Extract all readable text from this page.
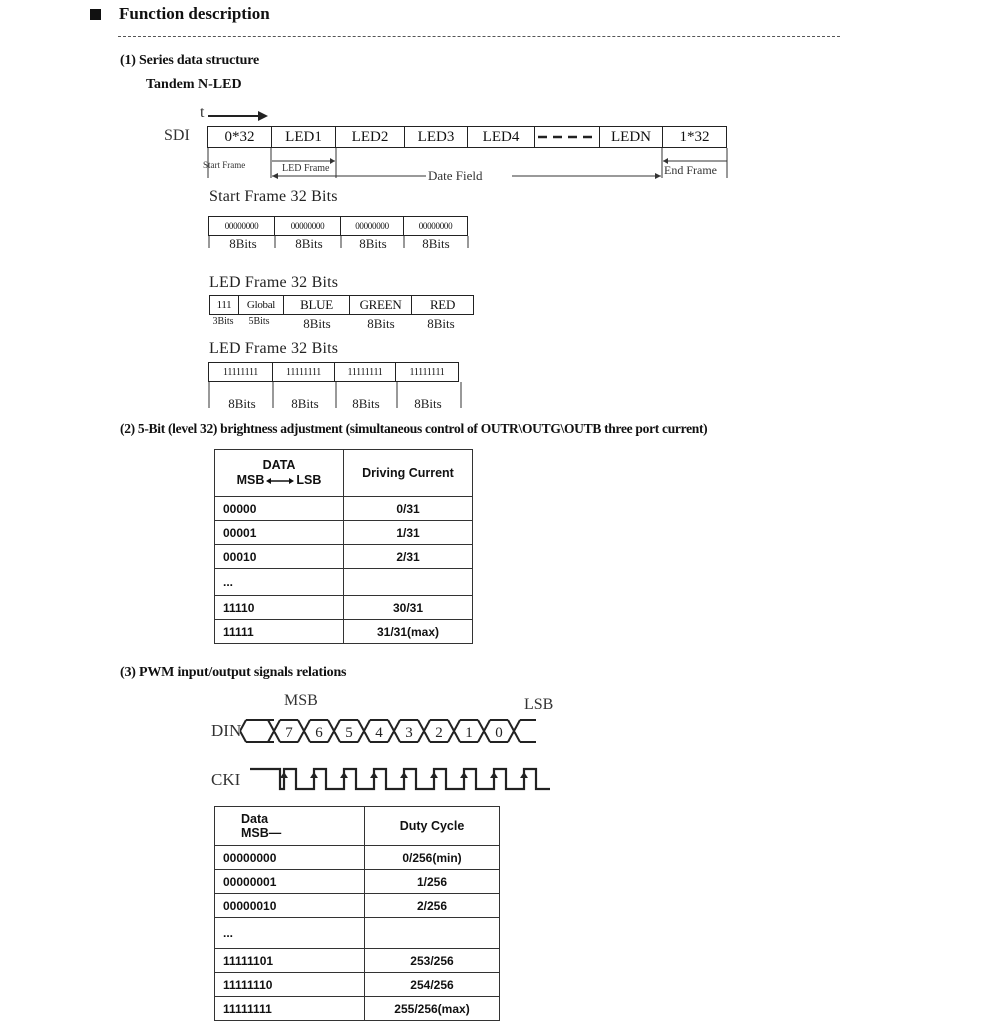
Function description
(1) Series data structure
Tandem N-LED
t
SDI	0*32	LED1	LED2	LED3	LED4	LEDN	1*32
Start Frame	LED Frame	Date Field	End Frame
Start Frame 32 Bits
00000000	00000000	00000000	00000000
8Bits	8Bits	8Bits	8Bits
LED Frame 32 Bits
111	Global	BLUE	GREEN	RED
3Bits	5Bits	8Bits	8Bits	8Bits
LED Frame 32 Bits
11111111	11111111	11111111	11111111
8Bits	8Bits	8Bits	8Bits
(2) 5-Bit (level 32) brightness adjustment (simultaneous control of OUTR\OUTG\OUTB three port current)
DATA
MSB LSB	Driving Current
00000	0/31
00001	1/31
00010	2/31
...	
11110	30/31
11111	31/31(max)
(3) PWM input/output signals relations
MSB	LSB
DIN
CKI
7 6 5 4 3 2 1 0
Data
MSB—	Duty Cycle
00000000	0/256(min)
00000001	1/256
00000010	2/256
...	
11111101	253/256
11111110	254/256
11111111	255/256(max)
